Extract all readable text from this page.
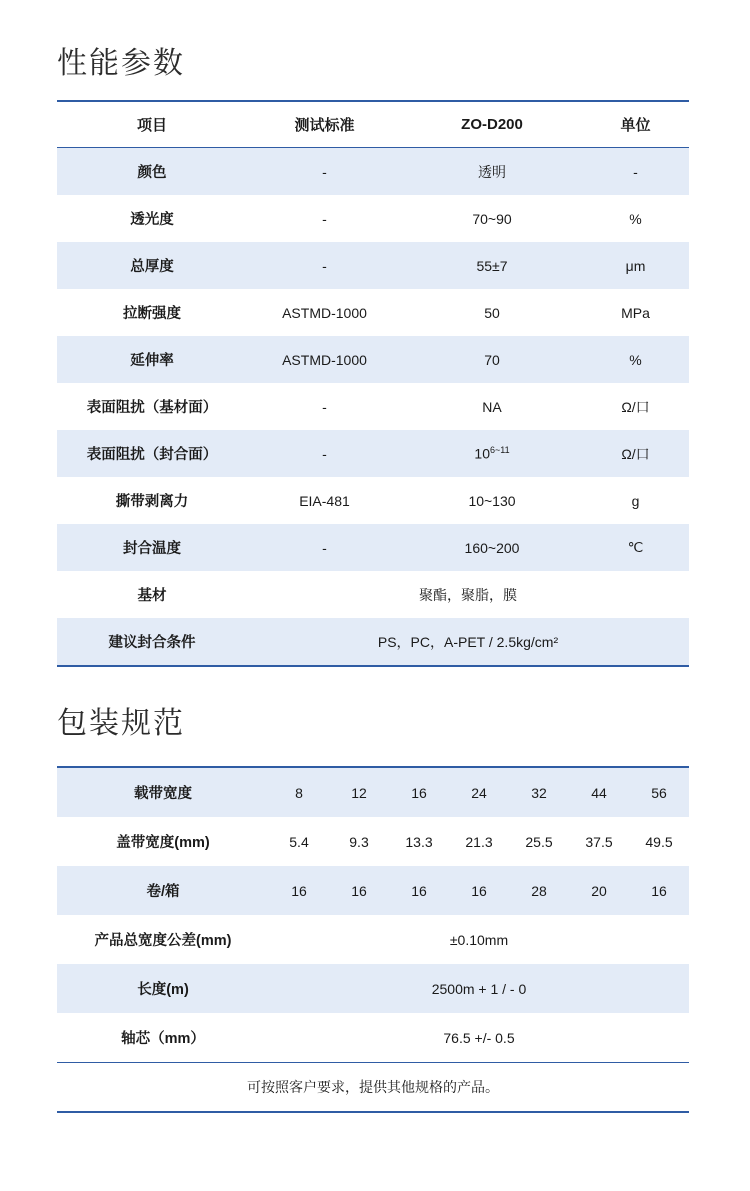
性能参数
项目	测试标准	ZO-D200	单位
颜色	-	透明	-
透光度	-	70~90	%
总厚度	-	55±7	μm
拉断强度	ASTMD-1000	50	MPa
延伸率	ASTMD-1000	70	%
表面阻扰（基材面）	-	NA	Ω/口
表面阻扰（封合面）	-	$10^{6\sim 11}$	Ω/口
撕带剥离力	EIA-481	10~130	g
封合温度	-	160~200	℃
基材	聚酯，聚脂，膜		
建议封合条件	PS，PC，A-PET / 2.5kg/cm²		
包装规范
载带宽度	8	12	16	24	32	44	56
盖带宽度(mm)	5.4	9.3	13.3	21.3	25.5	37.5	49.5
卷/箱	16	16	16	16	28	20	16
产品总宽度公差(mm)	±0.10mm						
长度(m)	2500m + 1 / - 0						
轴芯（mm）	76.5 +/- 0.5						
可按照客户要求，提供其他规格的产品。							
